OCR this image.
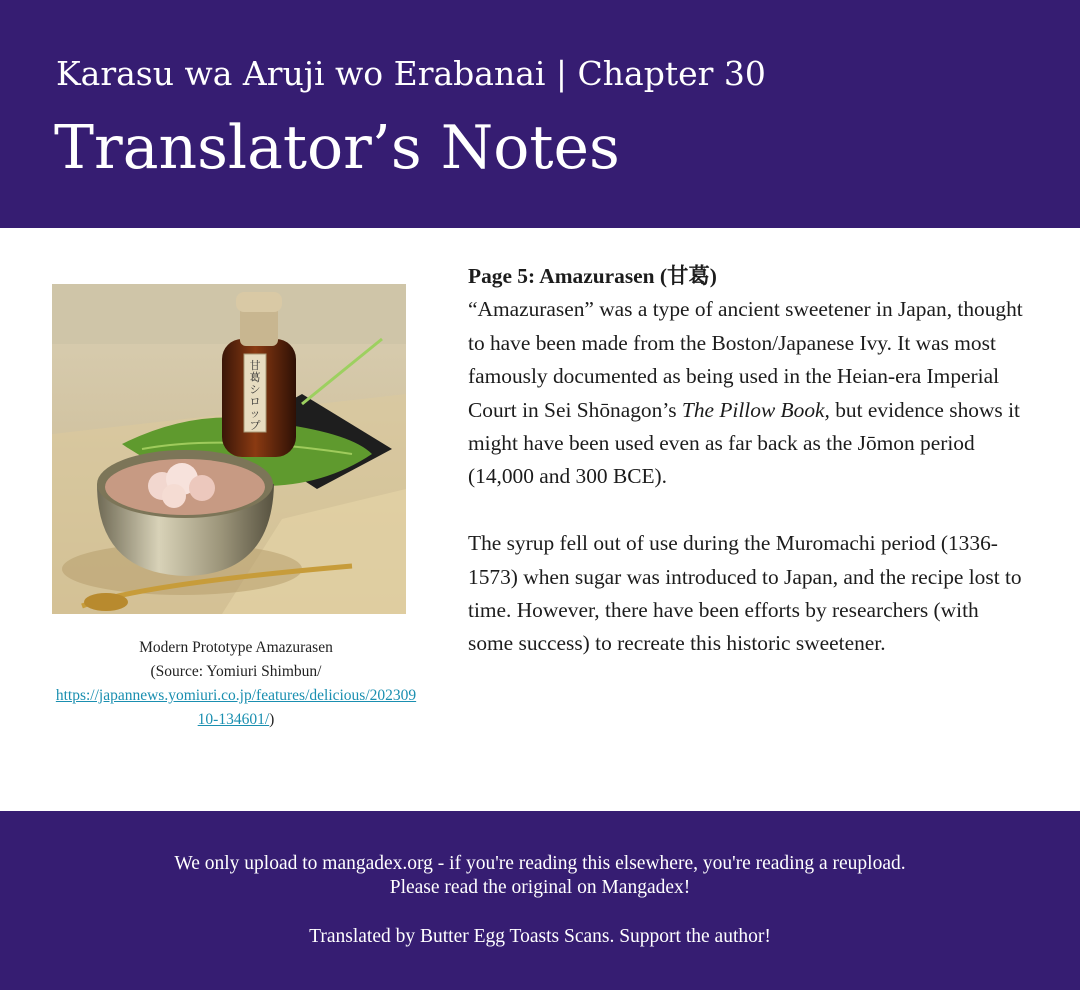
Karasu wa Aruji wo Erabanai | Chapter 30
Translator’s Notes
甘葛シロップ
Modern Prototype Amazurasen
(Source: Yomiuri Shimbun/
https://japannews.yomiuri.co.jp/features/delicious/20230910-134601/)
Page 5: Amazurasen (甘葛)

“Amazurasen” was a type of ancient sweetener in Japan, thought to have been made from the Boston/Japanese Ivy. It was most famously documented as being used in the Heian-era Imperial Court in Sei Shōnagon’s The Pillow Book, but evidence shows it might have been used even as far back as the Jōmon period (14,000 and 300 BCE).

The syrup fell out of use during the Muromachi period (1336-1573) when sugar was introduced to Japan, and the recipe lost to time. However, there have been efforts by researchers (with some success) to recreate this historic sweetener.

We only upload to mangadex.org - if you're reading this elsewhere, you're reading a reupload.
Please read the original on Mangadex!
Translated by Butter Egg Toasts Scans. Support the author!
